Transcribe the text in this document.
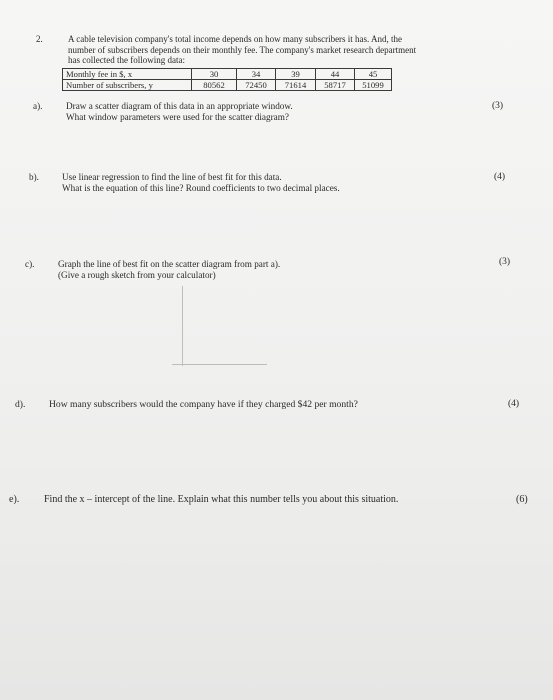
2.	A cable television company's total income depends on how many subscribers it has. And, the
number of subscribers depends on their monthly fee. The company's market research department
has collected the following data:
Monthly fee in $, x	30	34	39	44	45
Number of subscribers, y	80562	72450	71614	58717	51099
a).	Draw a scatter diagram of this data in an appropriate window.
What window parameters were used for the scatter diagram?
(3)
b).	Use linear regression to find the line of best fit for this data.
What is the equation of this line? Round coefficients to two decimal places.
(4)
c).	Graph the line of best fit on the scatter diagram from part a).
(Give a rough sketch from your calculator)
(3)
d). How many subscribers would the company have if they charged $42 per month?	(4)
e). Find the x – intercept of the line. Explain what this number tells you about this situation.	(6)
